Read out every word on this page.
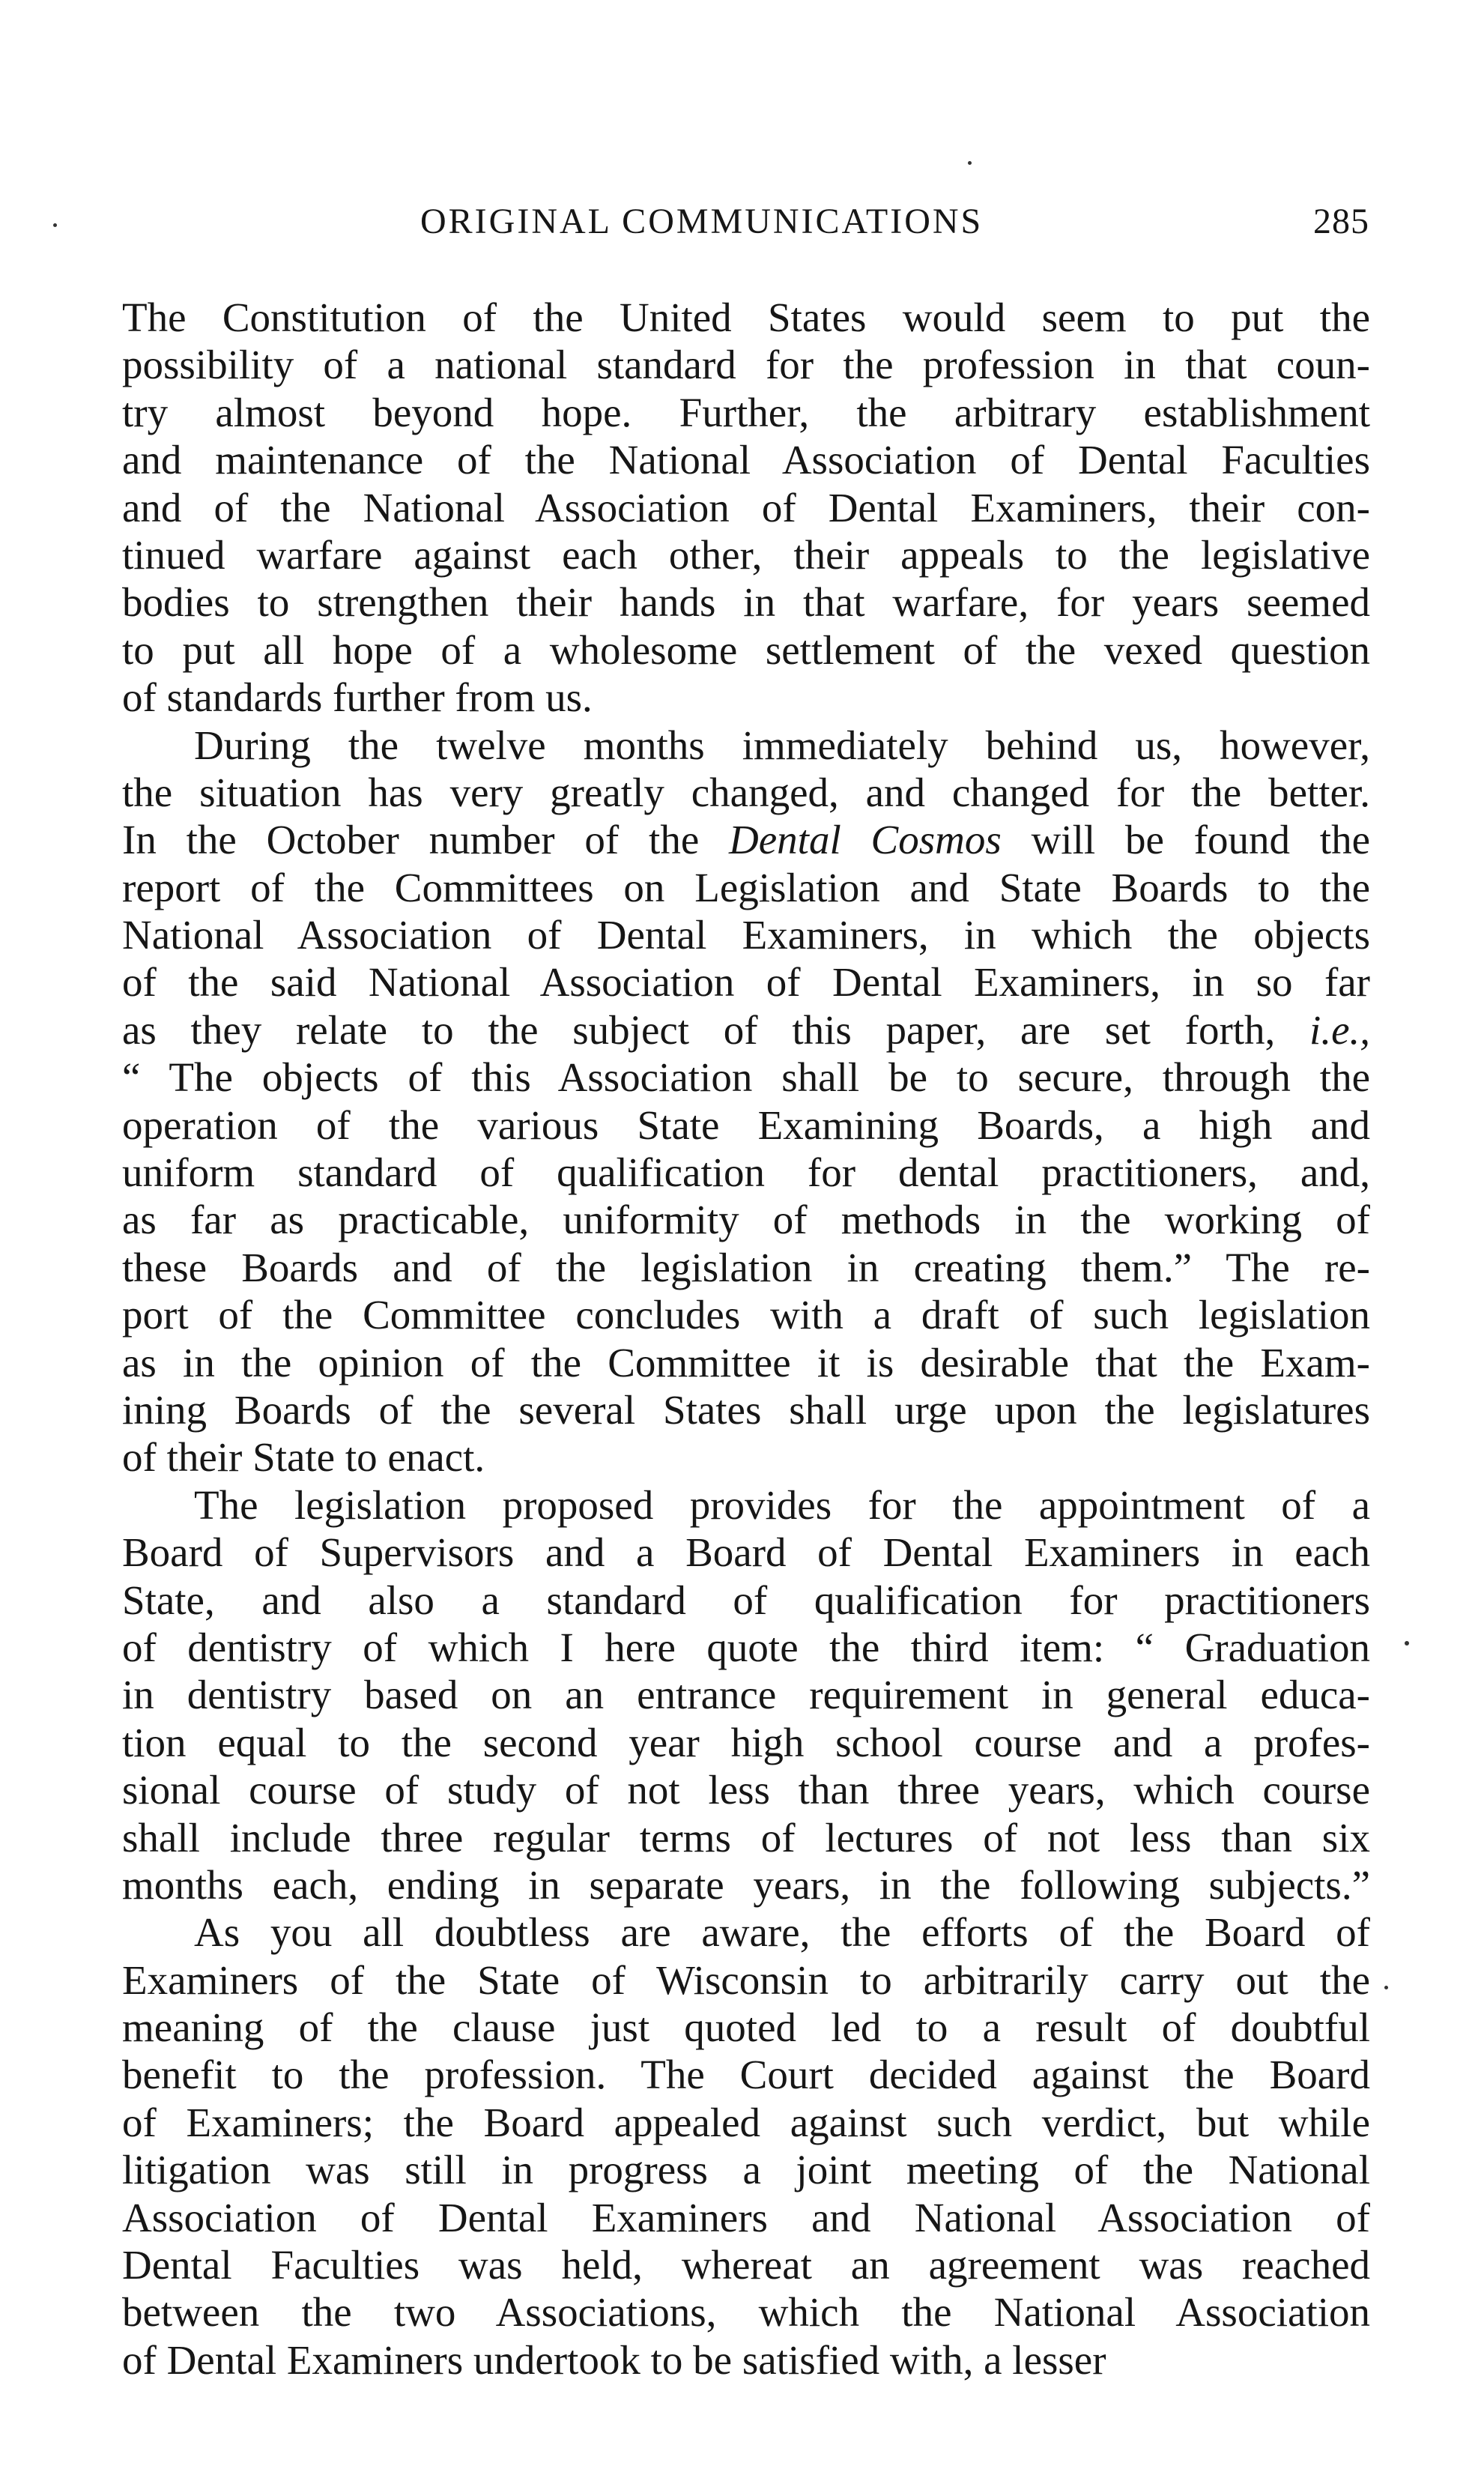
ORIGINAL COMMUNICATIONS	285
The Constitution of the United States would seem to put the
possibility of a national standard for the profession in that coun-
try almost beyond hope. Further, the arbitrary establishment
and maintenance of the National Association of Dental Faculties
and of the National Association of Dental Examiners, their con-
tinued warfare against each other, their appeals to the legislative
bodies to strengthen their hands in that warfare, for years seemed
to put all hope of a wholesome settlement of the vexed question
of standards further from us.
During the twelve months immediately behind us, however,
the situation has very greatly changed, and changed for the better.
In the October number of the Dental Cosmos will be found the
report of the Committees on Legislation and State Boards to the
National Association of Dental Examiners, in which the objects
of the said National Association of Dental Examiners, in so far
as they relate to the subject of this paper, are set forth, i.e.,
“ The objects of this Association shall be to secure, through the
operation of the various State Examining Boards, a high and
uniform standard of qualification for dental practitioners, and,
as far as practicable, uniformity of methods in the working of
these Boards and of the legislation in creating them.” The re-
port of the Committee concludes with a draft of such legislation
as in the opinion of the Committee it is desirable that the Exam-
ining Boards of the several States shall urge upon the legislatures
of their State to enact.
The legislation proposed provides for the appointment of a
Board of Supervisors and a Board of Dental Examiners in each
State, and also a standard of qualification for practitioners
of dentistry of which I here quote the third item: “ Graduation
in dentistry based on an entrance requirement in general educa-
tion equal to the second year high school course and a profes-
sional course of study of not less than three years, which course
shall include three regular terms of lectures of not less than six
months each, ending in separate years, in the following subjects.”
As you all doubtless are aware, the efforts of the Board of
Examiners of the State of Wisconsin to arbitrarily carry out the
meaning of the clause just quoted led to a result of doubtful
benefit to the profession. The Court decided against the Board
of Examiners; the Board appealed against such verdict, but while
litigation was still in progress a joint meeting of the National
Association of Dental Examiners and National Association of
Dental Faculties was held, whereat an agreement was reached
between the two Associations, which the National Association
of Dental Examiners undertook to be satisfied with, a lesser
